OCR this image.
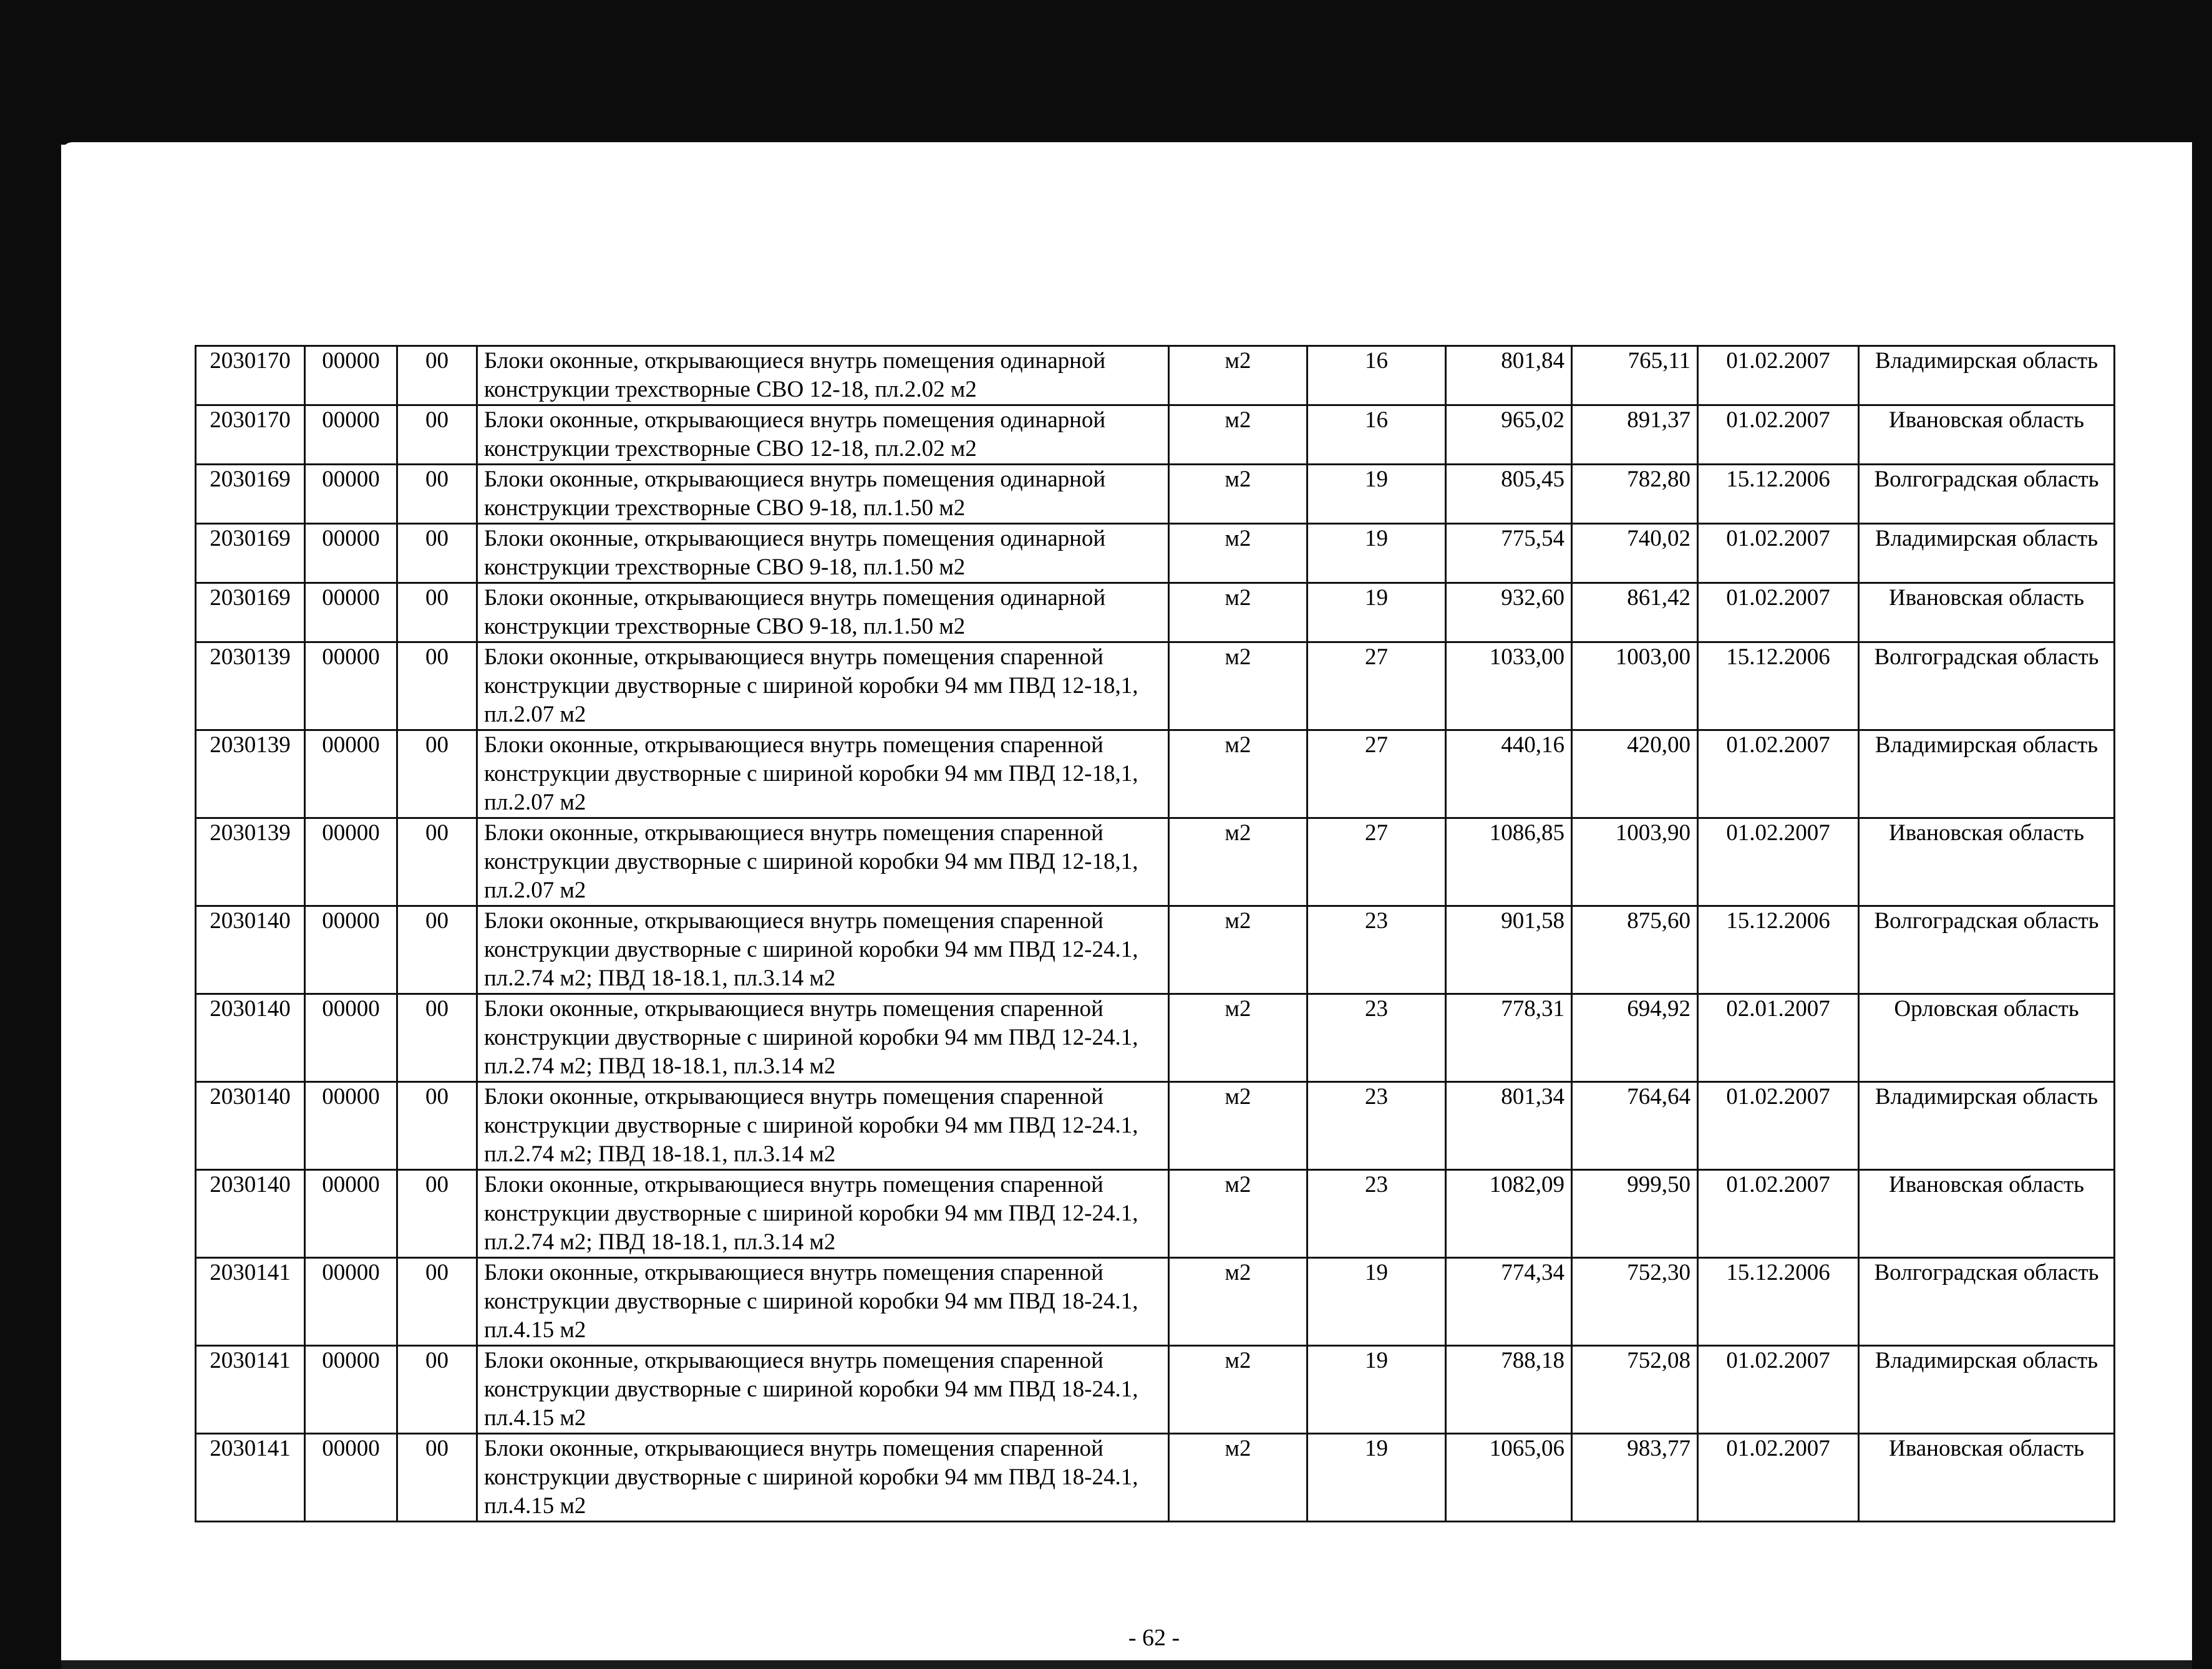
2030170	00000	00	Блоки оконные, открывающиеся внутрь помещения одинарной конструкции трехстворные СВО 12-18, пл.2.02 м2	м2	16	801,84	765,11	01.02.2007	Владимирская область
2030170	00000	00	Блоки оконные, открывающиеся внутрь помещения одинарной конструкции трехстворные СВО 12-18, пл.2.02 м2	м2	16	965,02	891,37	01.02.2007	Ивановская область
2030169	00000	00	Блоки оконные, открывающиеся внутрь помещения одинарной конструкции трехстворные СВО 9-18, пл.1.50 м2	м2	19	805,45	782,80	15.12.2006	Волгоградская область
2030169	00000	00	Блоки оконные, открывающиеся внутрь помещения одинарной конструкции трехстворные СВО 9-18, пл.1.50 м2	м2	19	775,54	740,02	01.02.2007	Владимирская область
2030169	00000	00	Блоки оконные, открывающиеся внутрь помещения одинарной конструкции трехстворные СВО 9-18, пл.1.50 м2	м2	19	932,60	861,42	01.02.2007	Ивановская область
2030139	00000	00	Блоки оконные, открывающиеся внутрь помещения спаренной конструкции двустворные с шириной коробки 94 мм ПВД 12-18,1, пл.2.07 м2	м2	27	1033,00	1003,00	15.12.2006	Волгоградская область
2030139	00000	00	Блоки оконные, открывающиеся внутрь помещения спаренной конструкции двустворные с шириной коробки 94 мм ПВД 12-18,1, пл.2.07 м2	м2	27	440,16	420,00	01.02.2007	Владимирская область
2030139	00000	00	Блоки оконные, открывающиеся внутрь помещения спаренной конструкции двустворные с шириной коробки 94 мм ПВД 12-18,1, пл.2.07 м2	м2	27	1086,85	1003,90	01.02.2007	Ивановская область
2030140	00000	00	Блоки оконные, открывающиеся внутрь помещения спаренной конструкции двустворные с шириной коробки 94 мм ПВД 12-24.1, пл.2.74 м2; ПВД 18-18.1, пл.3.14 м2	м2	23	901,58	875,60	15.12.2006	Волгоградская область
2030140	00000	00	Блоки оконные, открывающиеся внутрь помещения спаренной конструкции двустворные с шириной коробки 94 мм ПВД 12-24.1, пл.2.74 м2; ПВД 18-18.1, пл.3.14 м2	м2	23	778,31	694,92	02.01.2007	Орловская область
2030140	00000	00	Блоки оконные, открывающиеся внутрь помещения спаренной конструкции двустворные с шириной коробки 94 мм ПВД 12-24.1, пл.2.74 м2; ПВД 18-18.1, пл.3.14 м2	м2	23	801,34	764,64	01.02.2007	Владимирская область
2030140	00000	00	Блоки оконные, открывающиеся внутрь помещения спаренной конструкции двустворные с шириной коробки 94 мм ПВД 12-24.1, пл.2.74 м2; ПВД 18-18.1, пл.3.14 м2	м2	23	1082,09	999,50	01.02.2007	Ивановская область
2030141	00000	00	Блоки оконные, открывающиеся внутрь помещения спаренной конструкции двустворные с шириной коробки 94 мм ПВД 18-24.1, пл.4.15 м2	м2	19	774,34	752,30	15.12.2006	Волгоградская область
2030141	00000	00	Блоки оконные, открывающиеся внутрь помещения спаренной конструкции двустворные с шириной коробки 94 мм ПВД 18-24.1, пл.4.15 м2	м2	19	788,18	752,08	01.02.2007	Владимирская область
2030141	00000	00	Блоки оконные, открывающиеся внутрь помещения спаренной конструкции двустворные с шириной коробки 94 мм ПВД 18-24.1, пл.4.15 м2	м2	19	1065,06	983,77	01.02.2007	Ивановская область
- 62 -
